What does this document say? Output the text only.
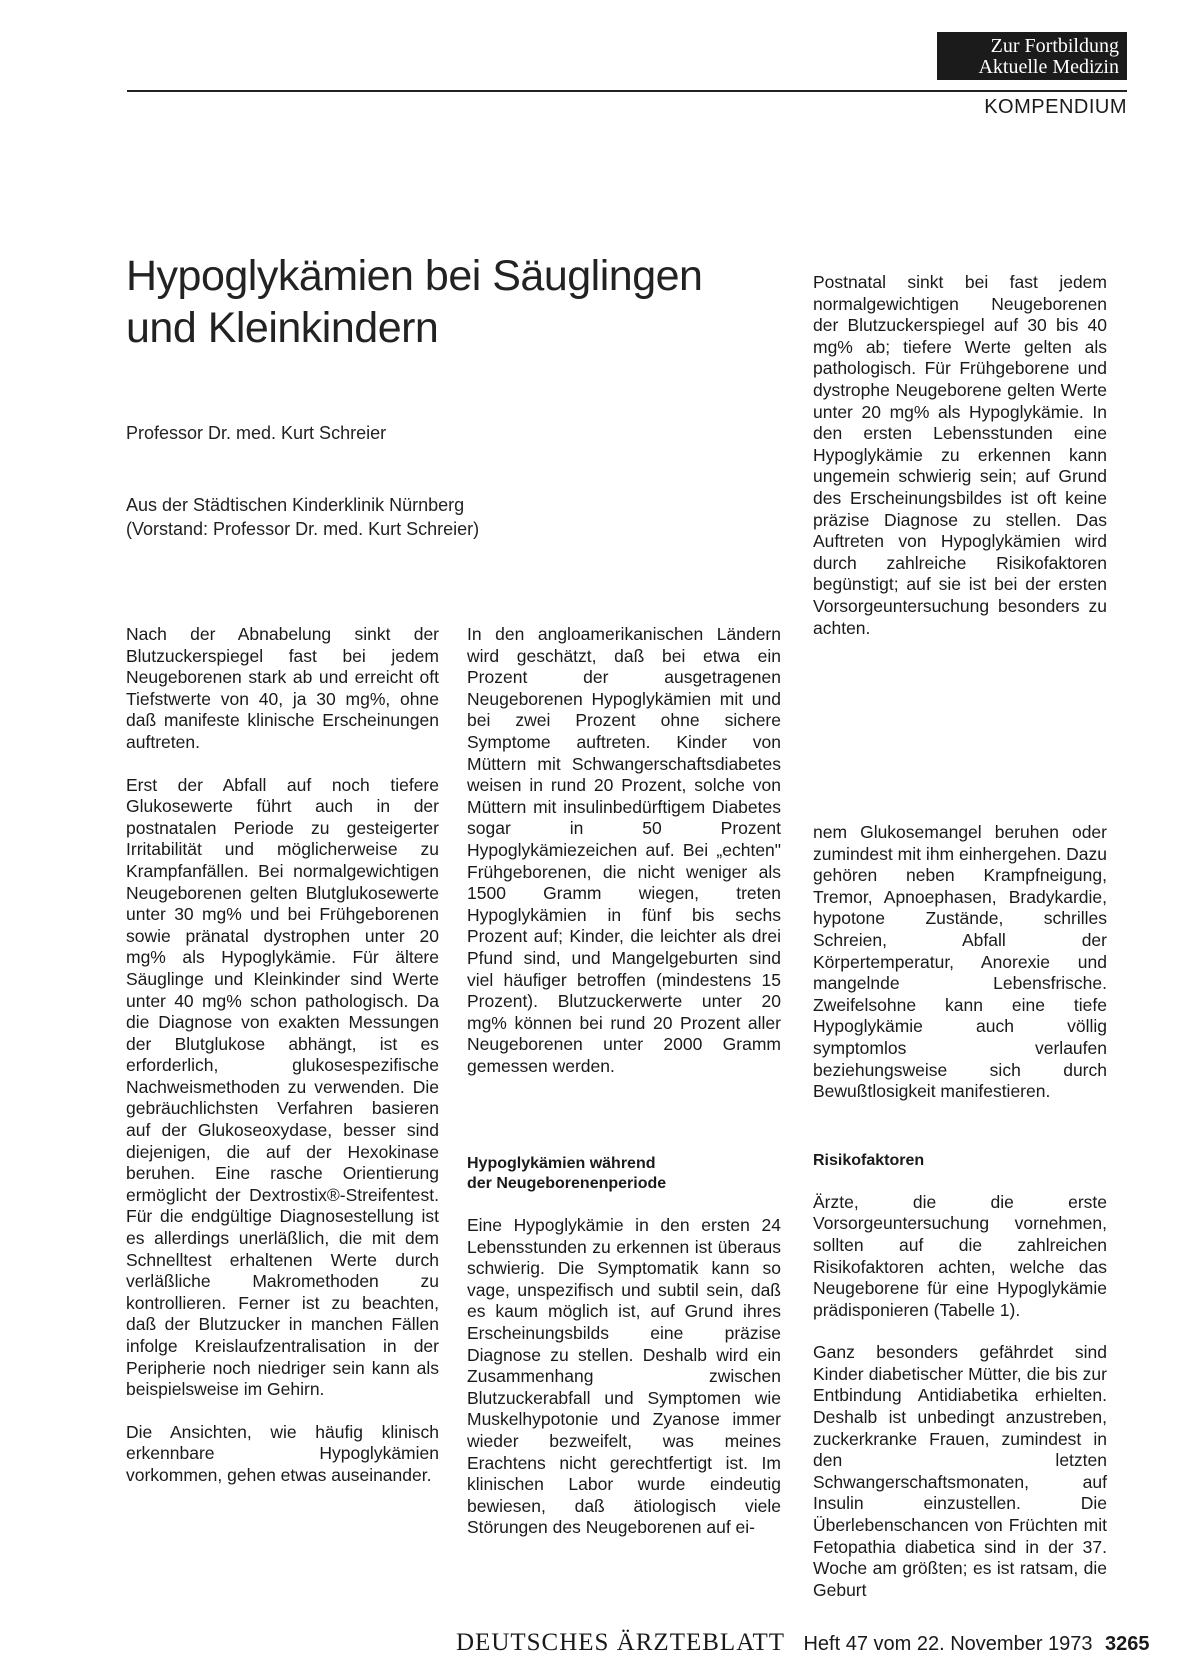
Zur Fortbildung
Aktuelle Medizin
KOMPENDIUM
Hypoglykämien bei Säuglingen
und Kleinkindern
Professor Dr. med. Kurt Schreier
Aus der Städtischen Kinderklinik Nürnberg
(Vorstand: Professor Dr. med. Kurt Schreier)

Nach der Abnabelung sinkt der Blutzuckerspiegel fast bei jedem Neugeborenen stark ab und erreicht oft Tiefstwerte von 40, ja 30 mg%, ohne daß manifeste klinische Erscheinungen auftreten.

Erst der Abfall auf noch tiefere Glukosewerte führt auch in der postnatalen Periode zu gesteigerter Irritabilität und möglicherweise zu Krampfanfällen. Bei normalgewichtigen Neugeborenen gelten Blutglukosewerte unter 30 mg% und bei Frühgeborenen sowie pränatal dystrophen unter 20 mg% als Hypoglykämie. Für ältere Säuglinge und Kleinkinder sind Werte unter 40 mg% schon pathologisch. Da die Diagnose von exakten Messungen der Blutglukose abhängt, ist es erforderlich, glukosespezifische Nachweismethoden zu verwenden. Die gebräuchlichsten Verfahren basieren auf der Glukoseoxydase, besser sind diejenigen, die auf der Hexokinase beruhen. Eine rasche Orientierung ermöglicht der Dextrostix®-Streifentest. Für die endgültige Diagnosestellung ist es allerdings unerläßlich, die mit dem Schnelltest erhaltenen Werte durch verläßliche Makromethoden zu kontrollieren. Ferner ist zu beachten, daß der Blutzucker in manchen Fällen infolge Kreislaufzentralisation in der Peripherie noch niedriger sein kann als beispielsweise im Gehirn.

Die Ansichten, wie häufig klinisch erkennbare Hypoglykämien vorkommen, gehen etwas auseinander.

In den angloamerikanischen Ländern wird geschätzt, daß bei etwa ein Prozent der ausgetragenen Neugeborenen Hypoglykämien mit und bei zwei Prozent ohne sichere Symptome auftreten. Kinder von Müttern mit Schwangerschaftsdiabetes weisen in rund 20 Prozent, solche von Müttern mit insulinbedürftigem Diabetes sogar in 50 Prozent Hypoglykämiezeichen auf. Bei „echten" Frühgeborenen, die nicht weniger als 1500 Gramm wiegen, treten Hypoglykämien in fünf bis sechs Prozent auf; Kinder, die leichter als drei Pfund sind, und Mangelgeburten sind viel häufiger betroffen (mindestens 15 Prozent). Blutzuckerwerte unter 20 mg% können bei rund 20 Prozent aller Neugeborenen unter 2000 Gramm gemessen werden.

Hypoglykämien während
der Neugeborenenperiode

Eine Hypoglykämie in den ersten 24 Lebensstunden zu erkennen ist überaus schwierig. Die Symptomatik kann so vage, unspezifisch und subtil sein, daß es kaum möglich ist, auf Grund ihres Erscheinungsbilds eine präzise Diagnose zu stellen. Deshalb wird ein Zusammenhang zwischen Blutzuckerabfall und Symptomen wie Muskelhypotonie und Zyanose immer wieder bezweifelt, was meines Erachtens nicht gerechtfertigt ist. Im klinischen Labor wurde eindeutig bewiesen, daß ätiologisch viele Störungen des Neugeborenen auf ei-

Postnatal sinkt bei fast jedem normalgewichtigen Neugeborenen der Blutzuckerspiegel auf 30 bis 40 mg% ab; tiefere Werte gelten als pathologisch. Für Frühgeborene und dystrophe Neugeborene gelten Werte unter 20 mg% als Hypoglykämie. In den ersten Lebensstunden eine Hypoglykämie zu erkennen kann ungemein schwierig sein; auf Grund des Erscheinungsbildes ist oft keine präzise Diagnose zu stellen. Das Auftreten von Hypoglykämien wird durch zahlreiche Risikofaktoren begünstigt; auf sie ist bei der ersten Vorsorgeuntersuchung besonders zu achten.

nem Glukosemangel beruhen oder zumindest mit ihm einhergehen. Dazu gehören neben Krampfneigung, Tremor, Apnoephasen, Bradykardie, hypotone Zustände, schrilles Schreien, Abfall der Körpertemperatur, Anorexie und mangelnde Lebensfrische. Zweifelsohne kann eine tiefe Hypoglykämie auch völlig symptomlos verlaufen beziehungsweise sich durch Bewußtlosigkeit manifestieren.

Risikofaktoren

Ärzte, die die erste Vorsorgeuntersuchung vornehmen, sollten auf die zahlreichen Risikofaktoren achten, welche das Neugeborene für eine Hypoglykämie prädisponieren (Tabelle 1).

Ganz besonders gefährdet sind Kinder diabetischer Mütter, die bis zur Entbindung Antidiabetika erhielten. Deshalb ist unbedingt anzustreben, zuckerkranke Frauen, zumindest in den letzten Schwangerschaftsmonaten, auf Insulin einzustellen. Die Überlebenschancen von Früchten mit Fetopathia diabetica sind in der 37. Woche am größten; es ist ratsam, die Geburt

DEUTSCHES ÄRZTEBLATT Heft 47 vom 22. November 1973 3265
